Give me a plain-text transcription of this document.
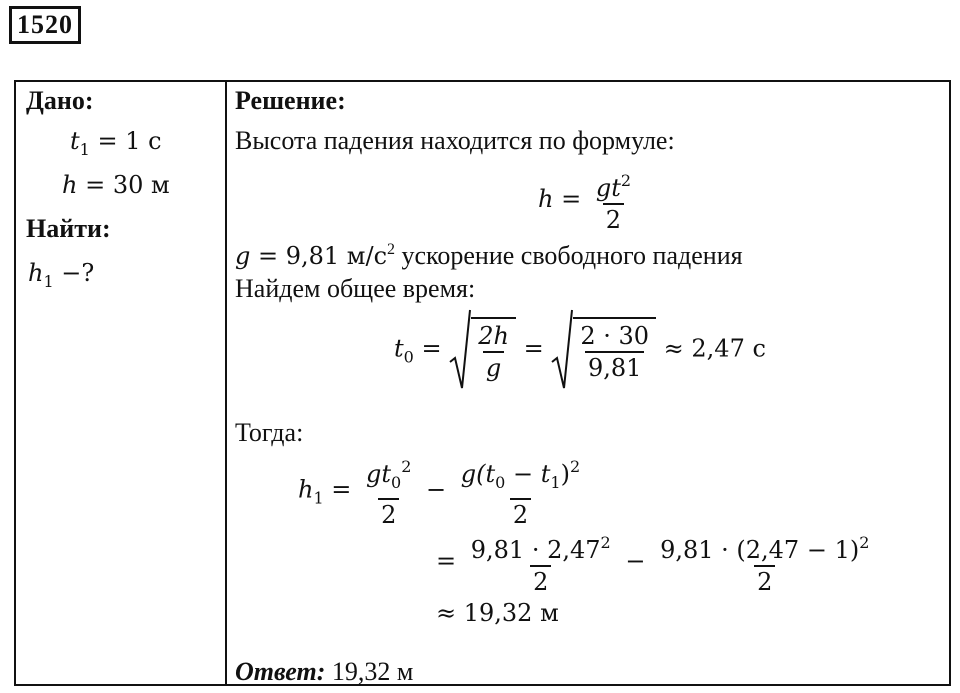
1520
Дано:
$t_1 = 1$ с
h = 30 м
Найти:
$h_1$ −?
Решение:
Высота падения находится по формуле:
$h = \frac{gt^2}{2}$
g = 9,81 $м/с^2$ ускорение свободного падения
Найдем общее время:
$t_0 = \frac{2h}{g} = \frac{2 \cdot 30}{9,81} \approx 2,47$ с
Тогда:
$h_1 = \frac{gt_0^2}{2} - \frac{g(t_0 - t_1)^2}{2}$
= $\frac{9,81 \cdot 2,47^2}{2} - \frac{9,81 \cdot (2,47 - 1)^2}{2}$
≈ 19,32 м
Ответ: 19,32 м
